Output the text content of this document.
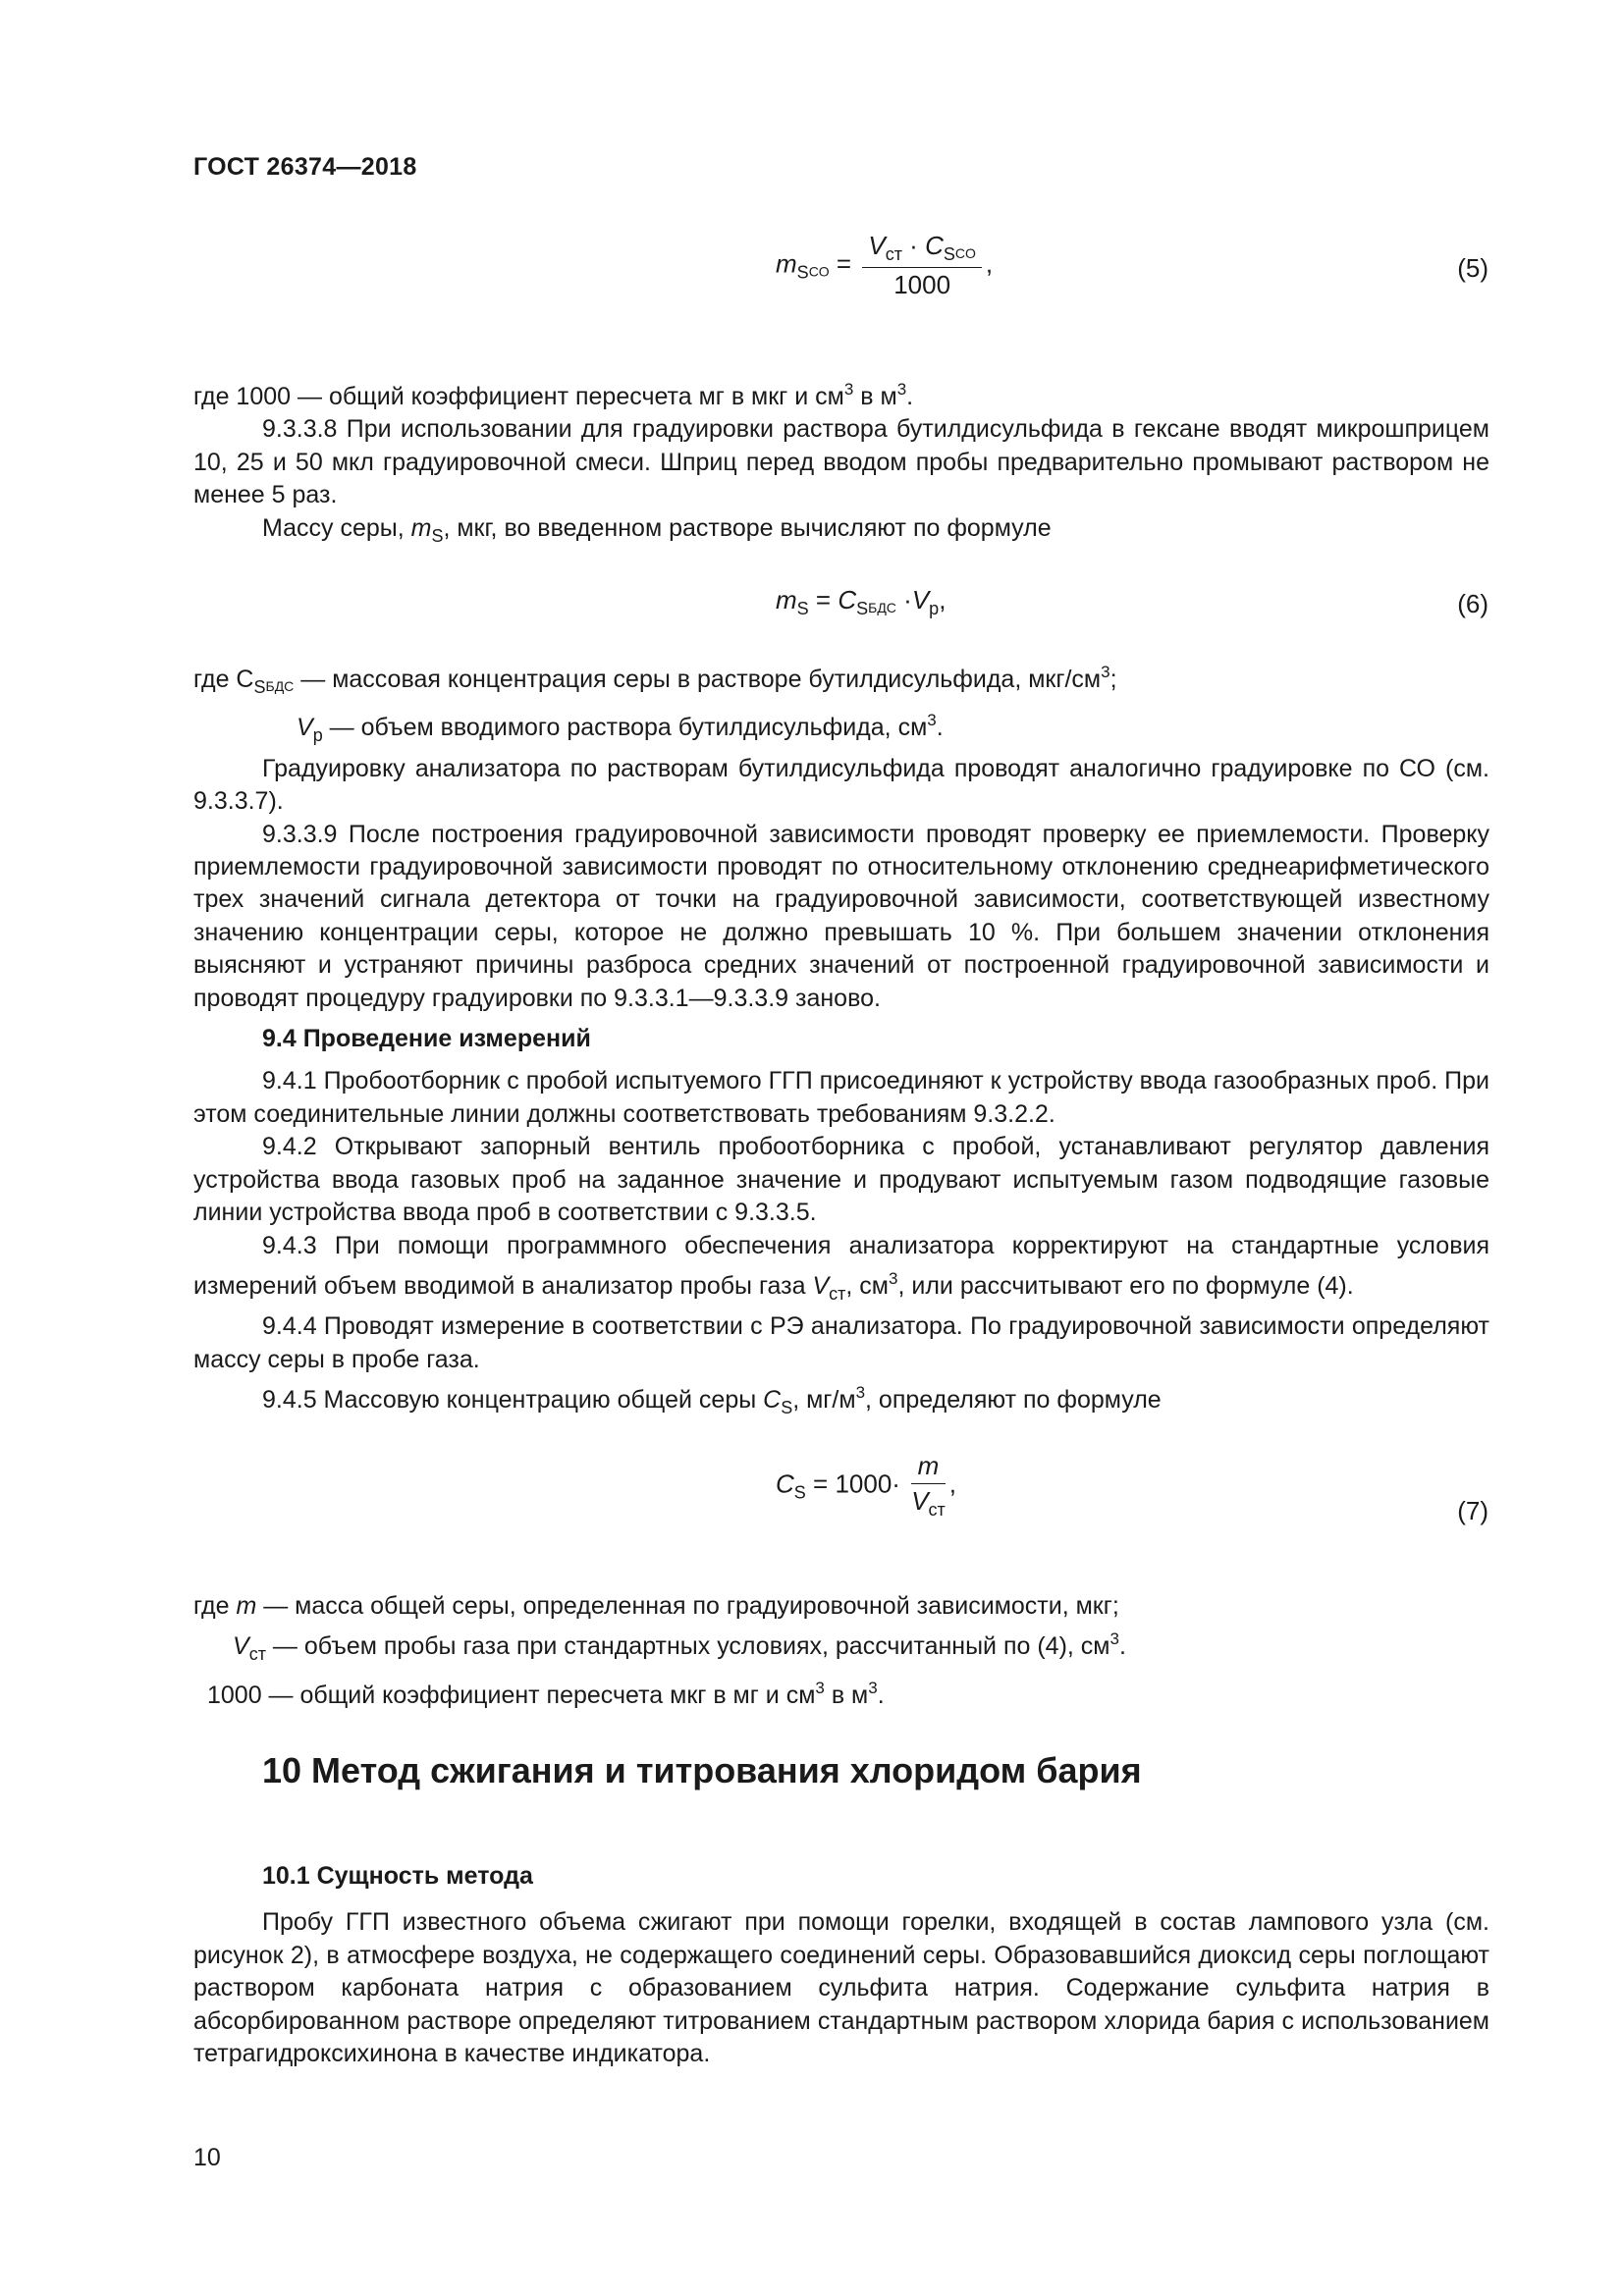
ГОСТ 26374—2018
$m_SCO = \frac{V_{ст} \cdot C_SCO}{1000}$ ,	(5)

где 1000 — общий коэффициент пересчета мг в мкг и $см^3$ в $м^3$.

9.3.3.8 При использовании для градуировки раствора бутилдисульфида в гексане вводят микрошприцем 10, 25 и 50 мкл градуировочной смеси. Шприц перед вводом пробы предварительно промывают раствором не менее 5 раз.

Массу серы, $m_S$, мкг, во введенном растворе вычисляют по формуле

$m_S = C_SБДС \cdot V_р$,	(6)

где $C_SБДС$ — массовая концентрация серы в растворе бутилдисульфида, мкг/$см^3$;

$V_р$ — объем вводимого раствора бутилдисульфида, $см^3$.

Градуировку анализатора по растворам бутилдисульфида проводят аналогично градуировке по СО (см. 9.3.3.7).

9.3.3.9 После построения градуировочной зависимости проводят проверку ее приемлемости. Проверку приемлемости градуировочной зависимости проводят по относительному отклонению среднеарифметического трех значений сигнала детектора от точки на градуировочной зависимости, соответствующей известному значению концентрации серы, которое не должно превышать 10 %. При большем значении отклонения выясняют и устраняют причины разброса средних значений от построенной градуировочной зависимости и проводят процедуру градуировки по 9.3.3.1—9.3.3.9 заново.

9.4 Проведение измерений

9.4.1 Пробоотборник с пробой испытуемого ГГП присоединяют к устройству ввода газообразных проб. При этом соединительные линии должны соответствовать требованиям 9.3.2.2.

9.4.2 Открывают запорный вентиль пробоотборника с пробой, устанавливают регулятор давления устройства ввода газовых проб на заданное значение и продувают испытуемым газом подводящие газовые линии устройства ввода проб в соответствии с 9.3.3.5.

9.4.3 При помощи программного обеспечения анализатора корректируют на стандартные условия измерений объем вводимой в анализатор пробы газа $V_{ст}$, $см^3$, или рассчитывают его по формуле (4).

9.4.4 Проводят измерение в соответствии с РЭ анализатора. По градуировочной зависимости определяют массу серы в пробе газа.

9.4.5 Массовую концентрацию общей серы $C_S$, $мг/м^3$, определяют по формуле

$C_S = 1000\cdot \frac{m}{V_{ст}}$ ,
(7)

где m — масса общей серы, определенная по градуировочной зависимости, мкг;

$V_{ст}$ — объем пробы газа при стандартных условиях, рассчитанный по (4), $см^3$.

1000 — общий коэффициент пересчета мкг в мг и $см^3$ в $м^3$.

10 Метод сжигания и титрования хлоридом бария

10.1 Сущность метода

Пробу ГГП известного объема сжигают при помощи горелки, входящей в состав лампового узла (см. рисунок 2), в атмосфере воздуха, не содержащего соединений серы. Образовавшийся диоксид серы поглощают раствором карбоната натрия с образованием сульфита натрия. Содержание сульфита натрия в абсорбированном растворе определяют титрованием стандартным раствором хлорида бария с использованием тетрагидроксихинона в качестве индикатора.

10
